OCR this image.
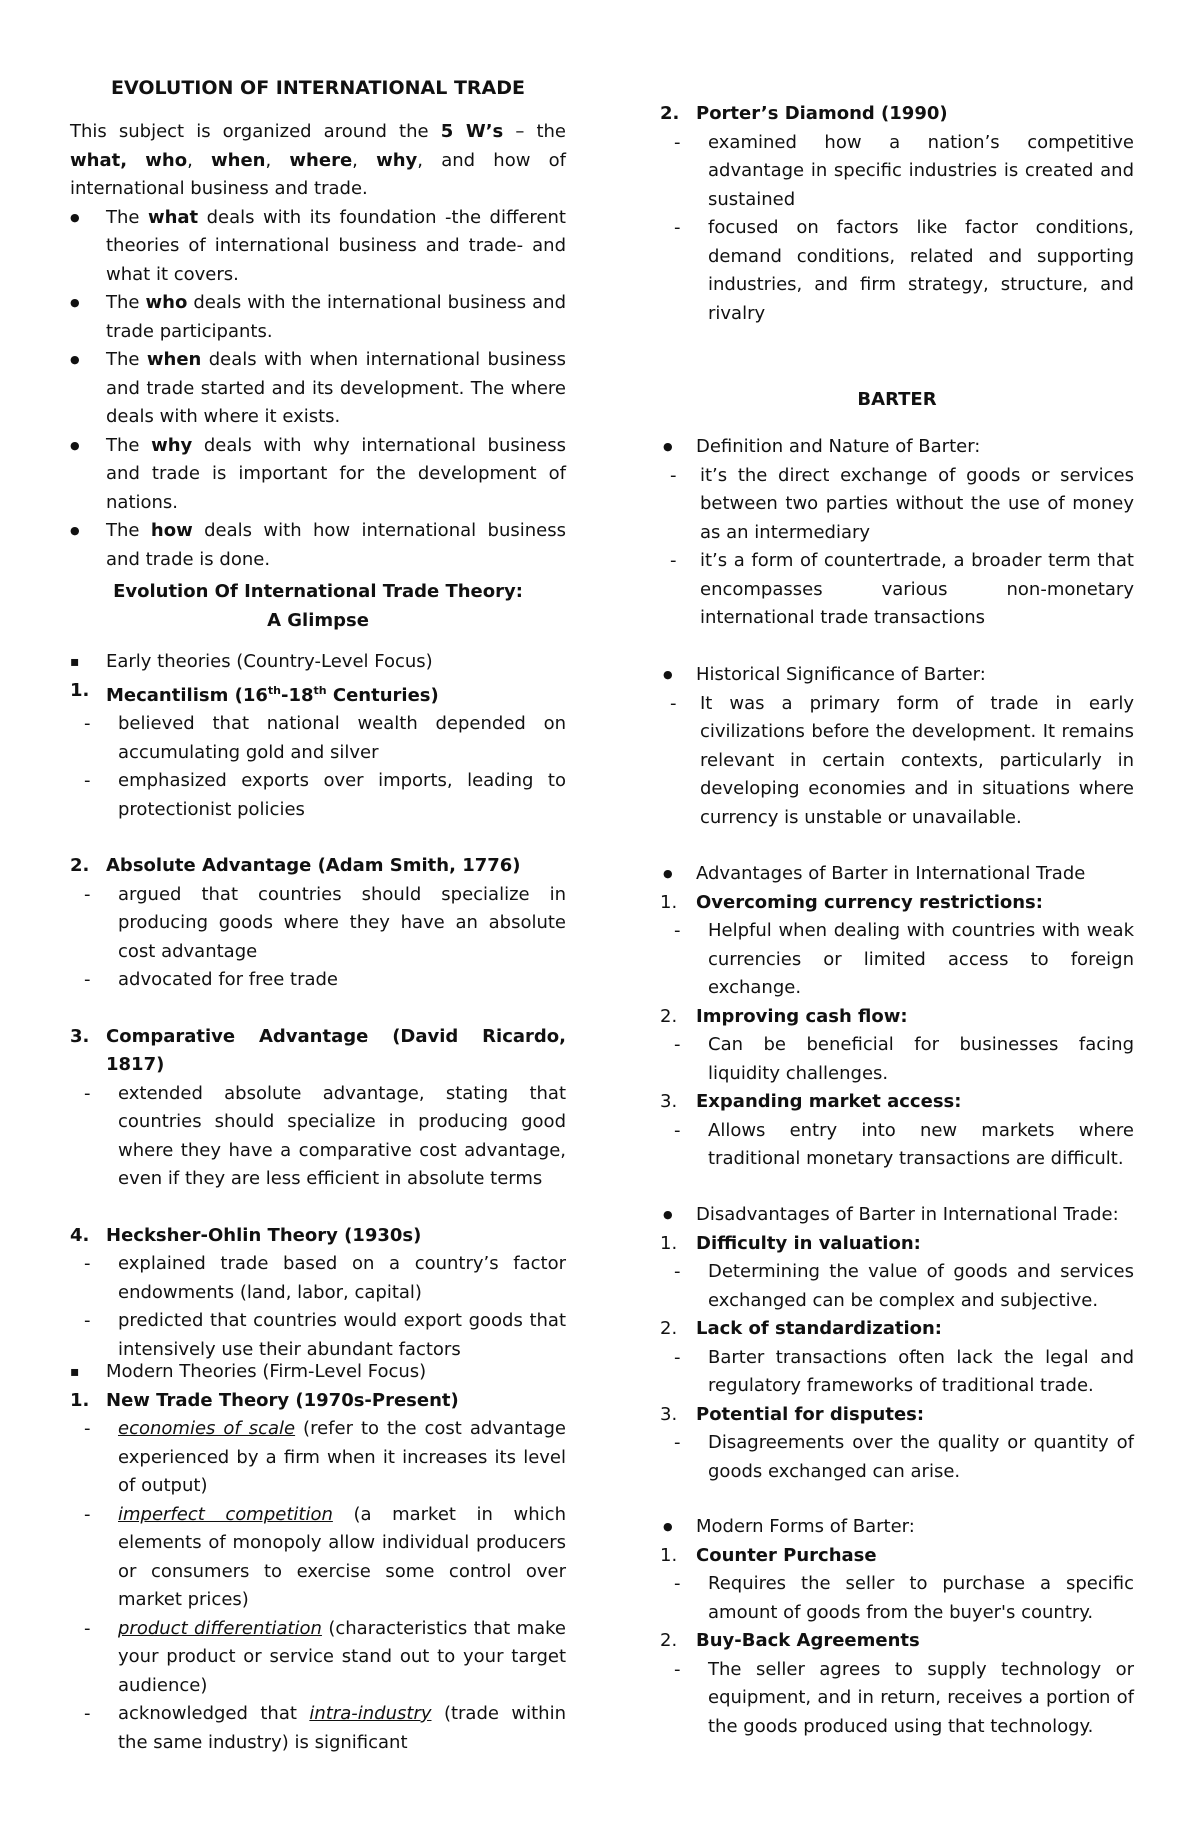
EVOLUTION OF INTERNATIONAL TRADE

This subject is organized around the 5 W’s – the what, who, when, where, why, and how of international business and trade.

● The what deals with its foundation -the different theories of international business and trade- and what it covers.
● The who deals with the international business and trade participants.
● The when deals with when international business and trade started and its development. The where deals with where it exists.
● The why deals with why international business and trade is important for the development of nations.
● The how deals with how international business and trade is done.
Evolution Of International Trade Theory:
A Glimpse
▪ Early theories (Country-Level Focus)
1. Mecantilism (16th-18th Centuries)
- believed that national wealth depended on accumulating gold and silver
- emphasized exports over imports, leading to protectionist policies
2. Absolute Advantage (Adam Smith, 1776)
- argued that countries should specialize in producing goods where they have an absolute cost advantage
- advocated for free trade
3. Comparative Advantage (David Ricardo, 1817)
- extended absolute advantage, stating that countries should specialize in producing good where they have a comparative cost advantage, even if they are less efficient in absolute terms
4. Hecksher-Ohlin Theory (1930s)
- explained trade based on a country’s factor endowments (land, labor, capital)
- predicted that countries would export goods that intensively use their abundant factors
▪ Modern Theories (Firm-Level Focus)
1. New Trade Theory (1970s-Present)
- economies of scale (refer to the cost advantage experienced by a firm when it increases its level of output)
- imperfect competition (a market in which elements of monopoly allow individual producers or consumers to exercise some control over market prices)
- product differentiation (characteristics that make your product or service stand out to your target audience)
- acknowledged that intra-industry (trade within the same industry) is significant
2. Porter’s Diamond (1990)
- examined how a nation’s competitive advantage in specific industries is created and sustained
- focused on factors like factor conditions, demand conditions, related and supporting industries, and firm strategy, structure, and rivalry
BARTER
● Definition and Nature of Barter:
- it’s the direct exchange of goods or services between two parties without the use of money as an intermediary
- it’s a form of countertrade, a broader term that encompasses various non-monetary international trade transactions
● Historical Significance of Barter:
- It was a primary form of trade in early civilizations before the development. It remains relevant in certain contexts, particularly in developing economies and in situations where currency is unstable or unavailable.
● Advantages of Barter in International Trade
1. Overcoming currency restrictions:
- Helpful when dealing with countries with weak currencies or limited access to foreign exchange.
2. Improving cash flow:
- Can be beneficial for businesses facing liquidity challenges.
3. Expanding market access:
- Allows entry into new markets where traditional monetary transactions are difficult.
● Disadvantages of Barter in International Trade:
1. Difficulty in valuation:
- Determining the value of goods and services exchanged can be complex and subjective.
2. Lack of standardization:
- Barter transactions often lack the legal and regulatory frameworks of traditional trade.
3. Potential for disputes:
- Disagreements over the quality or quantity of goods exchanged can arise.
● Modern Forms of Barter:
1. Counter Purchase
- Requires the seller to purchase a specific amount of goods from the buyer's country.
2. Buy-Back Agreements
- The seller agrees to supply technology or equipment, and in return, receives a portion of the goods produced using that technology.
